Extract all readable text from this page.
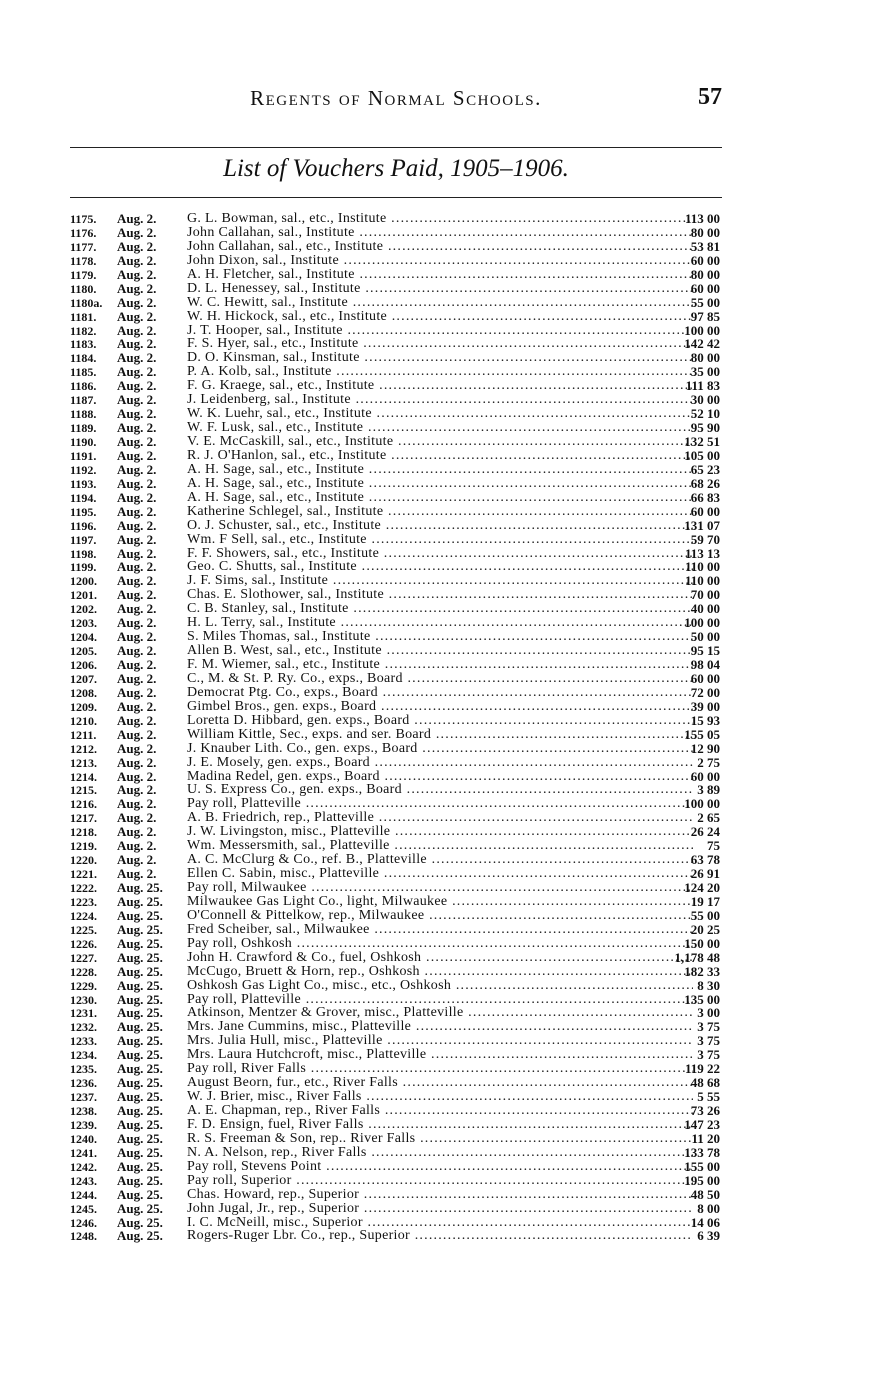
Regents of Normal Schools.	57
List of Vouchers Paid, 1905–1906.
1175.	Aug. 2.	G. L. Bowman, sal., etc., Institute .....	113 00
1176.	Aug. 2.	John Callahan, sal., Institute .....	80 00
1177.	Aug. 2.	John Callahan, sal., etc., Institute .....	53 81
1178.	Aug. 2.	John Dixon, sal., Institute .....	60 00
1179.	Aug. 2.	A. H. Fletcher, sal., Institute .....	80 00
1180.	Aug. 2.	D. L. Henessey, sal., Institute .....	60 00
1180a.	Aug. 2.	W. C. Hewitt, sal., Institute .....	55 00
1181.	Aug. 2.	W. H. Hickock, sal., etc., Institute .....	97 85
1182.	Aug. 2.	J. T. Hooper, sal., Institute .....	100 00
1183.	Aug. 2.	F. S. Hyer, sal., etc., Institute .....	142 42
1184.	Aug. 2.	D. O. Kinsman, sal., Institute .....	80 00
1185.	Aug. 2.	P. A. Kolb, sal., Institute .....	35 00
1186.	Aug. 2.	F. G. Kraege, sal., etc., Institute .....	111 83
1187.	Aug. 2.	J. Leidenberg, sal., Institute .....	30 00
1188.	Aug. 2.	W. K. Luehr, sal., etc., Institute .....	52 10
1189.	Aug. 2.	W. F. Lusk, sal., etc., Institute .....	95 90
1190.	Aug. 2.	V. E. McCaskill, sal., etc., Institute .....	132 51
1191.	Aug. 2.	R. J. O'Hanlon, sal., etc., Institute .....	105 00
1192.	Aug. 2.	A. H. Sage, sal., etc., Institute .....	65 23
1193.	Aug. 2.	A. H. Sage, sal., etc., Institute .....	68 26
1194.	Aug. 2.	A. H. Sage, sal., etc., Institute .....	66 83
1195.	Aug. 2.	Katherine Schlegel, sal., Institute .....	60 00
1196.	Aug. 2.	O. J. Schuster, sal., etc., Institute .....	131 07
1197.	Aug. 2.	Wm. F Sell, sal., etc., Institute .....	59 70
1198.	Aug. 2.	F. F. Showers, sal., etc., Institute .....	113 13
1199.	Aug. 2.	Geo. C. Shutts, sal., Institute .....	110 00
1200.	Aug. 2.	J. F. Sims, sal., Institute .....	110 00
1201.	Aug. 2.	Chas. E. Slothower, sal., Institute .....	70 00
1202.	Aug. 2.	C. B. Stanley, sal., Institute .....	40 00
1203.	Aug. 2.	H. L. Terry, sal., Institute .....	100 00
1204.	Aug. 2.	S. Miles Thomas, sal., Institute .....	50 00
1205.	Aug. 2.	Allen B. West, sal., etc., Institute .....	95 15
1206.	Aug. 2.	F. M. Wiemer, sal., etc., Institute .....	98 04
1207.	Aug. 2.	C., M. & St. P. Ry. Co., exps., Board .....	60 00
1208.	Aug. 2.	Democrat Ptg. Co., exps., Board .....	72 00
1209.	Aug. 2.	Gimbel Bros., gen. exps., Board .....	39 00
1210.	Aug. 2.	Loretta D. Hibbard, gen. exps., Board .....	15 93
1211.	Aug. 2.	William Kittle, Sec., exps. and ser. Board .....	155 05
1212.	Aug. 2.	J. Knauber Lith. Co., gen. exps., Board .....	12 90
1213.	Aug. 2.	J. E. Mosely, gen. exps., Board .....	2 75
1214.	Aug. 2.	Madina Redel, gen. exps., Board .....	60 00
1215.	Aug. 2.	U. S. Express Co., gen. exps., Board .....	3 89
1216.	Aug. 2.	Pay roll, Platteville .....	100 00
1217.	Aug. 2.	A. B. Friedrich, rep., Platteville .....	2 65
1218.	Aug. 2.	J. W. Livingston, misc., Platteville .....	26 24
1219.	Aug. 2.	Wm. Messersmith, sal., Platteville .....	75
1220.	Aug. 2.	A. C. McClurg & Co., ref. B., Platteville .....	63 78
1221.	Aug. 2.	Ellen C. Sabin, misc., Platteville .....	26 91
1222.	Aug. 25.	Pay roll, Milwaukee .....	124 20
1223.	Aug. 25.	Milwaukee Gas Light Co., light, Milwaukee .....	19 17
1224.	Aug. 25.	O'Connell & Pittelkow, rep., Milwaukee .....	55 00
1225.	Aug. 25.	Fred Scheiber, sal., Milwaukee .....	20 25
1226.	Aug. 25.	Pay roll, Oshkosh .....	150 00
1227.	Aug. 25.	John H. Crawford & Co., fuel, Oshkosh .....	1,178 48
1228.	Aug. 25.	McCugo, Bruett & Horn, rep., Oshkosh .....	182 33
1229.	Aug. 25.	Oshkosh Gas Light Co., misc., etc., Oshkosh .....	8 30
1230.	Aug. 25.	Pay roll, Platteville .....	135 00
1231.	Aug. 25.	Atkinson, Mentzer & Grover, misc., Platteville .....	3 00
1232.	Aug. 25.	Mrs. Jane Cummins, misc., Platteville .....	3 75
1233.	Aug. 25.	Mrs. Julia Hull, misc., Platteville .....	3 75
1234.	Aug. 25.	Mrs. Laura Hutchcroft, misc., Platteville .....	3 75
1235.	Aug. 25.	Pay roll, River Falls .....	119 22
1236.	Aug. 25.	August Beorn, fur., etc., River Falls .....	48 68
1237.	Aug. 25.	W. J. Brier, misc., River Falls .....	5 55
1238.	Aug. 25.	A. E. Chapman, rep., River Falls .....	73 26
1239.	Aug. 25.	F. D. Ensign, fuel, River Falls .....	147 23
1240.	Aug. 25.	R. S. Freeman & Son, rep.. River Falls .....	11 20
1241.	Aug. 25.	N. A. Nelson, rep., River Falls .....	133 78
1242.	Aug. 25.	Pay roll, Stevens Point .....	155 00
1243.	Aug. 25.	Pay roll, Superior .....	195 00
1244.	Aug. 25.	Chas. Howard, rep., Superior .....	48 50
1245.	Aug. 25.	John Jugal, Jr., rep., Superior .....	8 00
1246.	Aug. 25.	I. C. McNeill, misc., Superior .....	14 06
1248.	Aug. 25.	Rogers-Ruger Lbr. Co., rep., Superior .....	6 39
